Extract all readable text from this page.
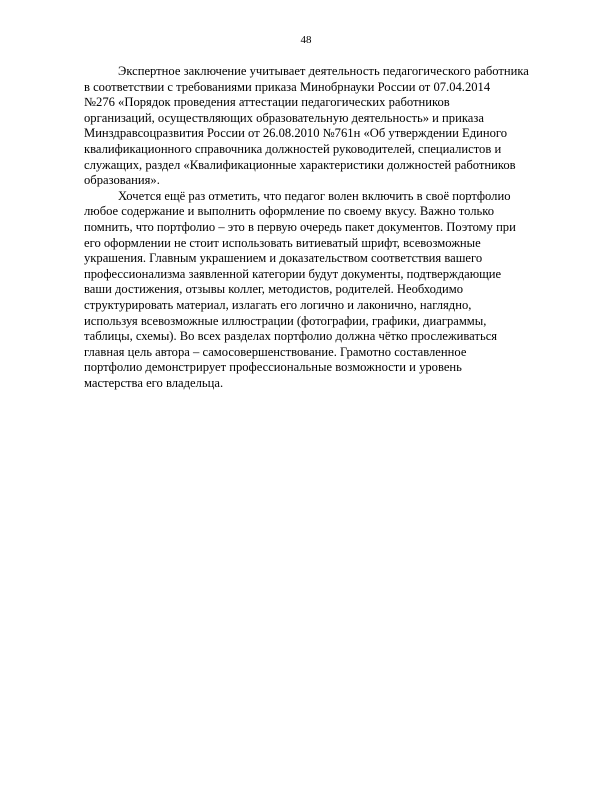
48
Экспертное заключение учитывает деятельность педагогического работника
в соответствии с требованиями приказа Минобрнауки России от 07.04.2014
№276 «Порядок проведения аттестации педагогических работников
организаций, осуществляющих образовательную деятельность» и приказа
Минздравсоцразвития России от 26.08.2010 №761н «Об утверждении Единого
квалификационного справочника должностей руководителей, специалистов и
служащих, раздел «Квалификационные характеристики должностей работников
образования».
Хочется ещё раз отметить, что педагог волен включить в своё портфолио
любое содержание и выполнить оформление по своему вкусу. Важно только
помнить, что портфолио – это в первую очередь пакет документов. Поэтому при
его оформлении не стоит использовать витиеватый шрифт, всевозможные
украшения. Главным украшением и доказательством соответствия вашего
профессионализма заявленной категории будут документы, подтверждающие
ваши достижения, отзывы коллег, методистов, родителей. Необходимо
структурировать материал, излагать его логично и лаконично, наглядно,
используя всевозможные иллюстрации (фотографии, графики, диаграммы,
таблицы, схемы). Во всех разделах портфолио должна чётко прослеживаться
главная цель автора – самосовершенствование. Грамотно составленное
портфолио демонстрирует профессиональные возможности и уровень
мастерства его владельца.
